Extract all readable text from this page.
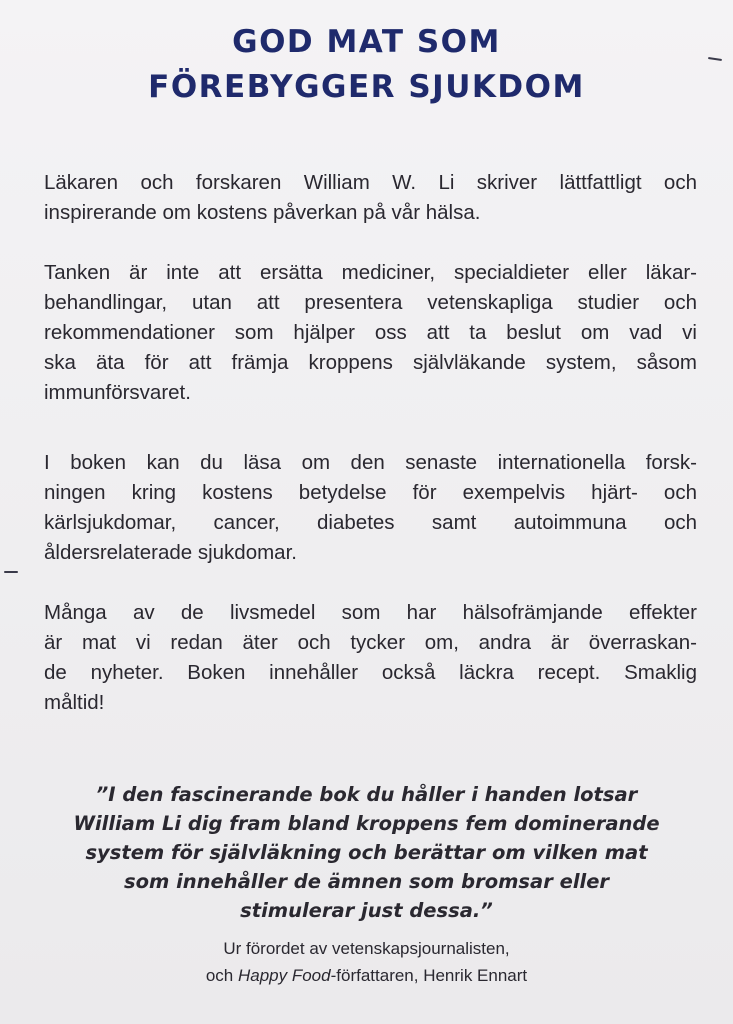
GOD MAT SOM
FÖREBYGGER SJUKDOM
Läkaren och forskaren William W. Li skriver lättfattligt och
inspirerande om kostens påverkan på vår hälsa.
Tanken är inte att ersätta mediciner, specialdieter eller läkar-
behandlingar, utan att presentera vetenskapliga studier och
rekommendationer som hjälper oss att ta beslut om vad vi
ska äta för att främja kroppens självläkande system, såsom
immunförsvaret.
I boken kan du läsa om den senaste internationella forsk-
ningen kring kostens betydelse för exempelvis hjärt- och
kärlsjukdomar, cancer, diabetes samt autoimmuna och
åldersrelaterade sjukdomar.
Många av de livsmedel som har hälsofrämjande effekter
är mat vi redan äter och tycker om, andra är överraskan-
de nyheter. Boken innehåller också läckra recept. Smaklig
måltid!
”I den fascinerande bok du håller i handen lotsar
William Li dig fram bland kroppens fem dominerande
system för självläkning och berättar om vilken mat
som innehåller de ämnen som bromsar eller
stimulerar just dessa.”
Ur förordet av vetenskapsjournalisten,
och Happy Food-författaren, Henrik Ennart
